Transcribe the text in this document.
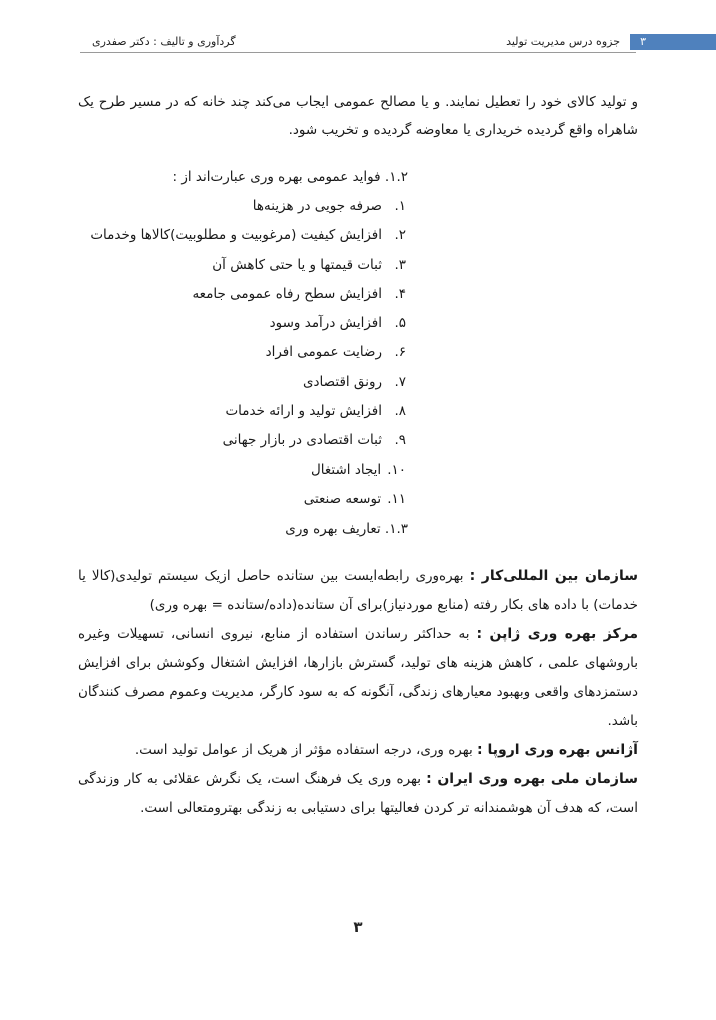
گردآوری و تالیف : دکتر صفدری	جزوه درس مدیریت تولید	۳

و تولید کالای خود را تعطیل نمایند. و یا مصالح عمومی ایجاب می‌کند چند خانه که در مسیر طرح یک شاهراه واقع گردیده خریداری یا معاوضه گردیده و تخریب شود.

۱.۲. فواید عمومی بهره وری عبارت‌اند از :
۱.
صرفه جویی در هزینه‌ها
۲.
افزایش کیفیت (مرغوبیت و مطلوبیت)کالاها وخدمات
۳.
ثبات قیمتها و یا حتی کاهش آن
۴.
افزایش سطح رفاه عمومی جامعه
۵.
افزایش درآمد وسود
۶.
رضایت عمومی افراد
۷.
رونق اقتصادی
۸.
افزایش تولید و ارائه خدمات
۹.
ثبات اقتصادی در بازار جهانی
۱۰.
ایجاد اشتغال
۱۱.
توسعه صنعتی
۱.۳. تعاریف بهره وری

سازمان بین المللی‌کار : بهره‌وری رابطه‌ایست بین ستانده حاصل ازیک سیستم تولیدی(کالا یا خدمات) با داده های بکار رفته (منابع موردنیاز)برای آن ستانده(داده/ستانده = بهره وری)

مرکز بهره وری ژاپن : به حداکثر رساندن استفاده از منابع، نیروی انسانی، تسهیلات وغیره باروشهای علمی ، کاهش هزینه های تولید، گسترش بازارها، افزایش اشتغال وکوشش برای افزایش دستمزدهای واقعی وبهبود معیارهای زندگی، آنگونه که به سود کارگر، مدیریت وعموم مصرف کنندگان باشد.

آژانس بهره وری اروپا : بهره وری، درجه استفاده مؤثر از هریک از عوامل تولید است.

سازمان ملی بهره وری ایران : بهره وری یک فرهنگ است، یک نگرش عقلائی به کار وزندگی است، که هدف آن هوشمندانه تر کردن فعالیتها برای دستیابی به زندگی بهترومتعالی است.

۳
